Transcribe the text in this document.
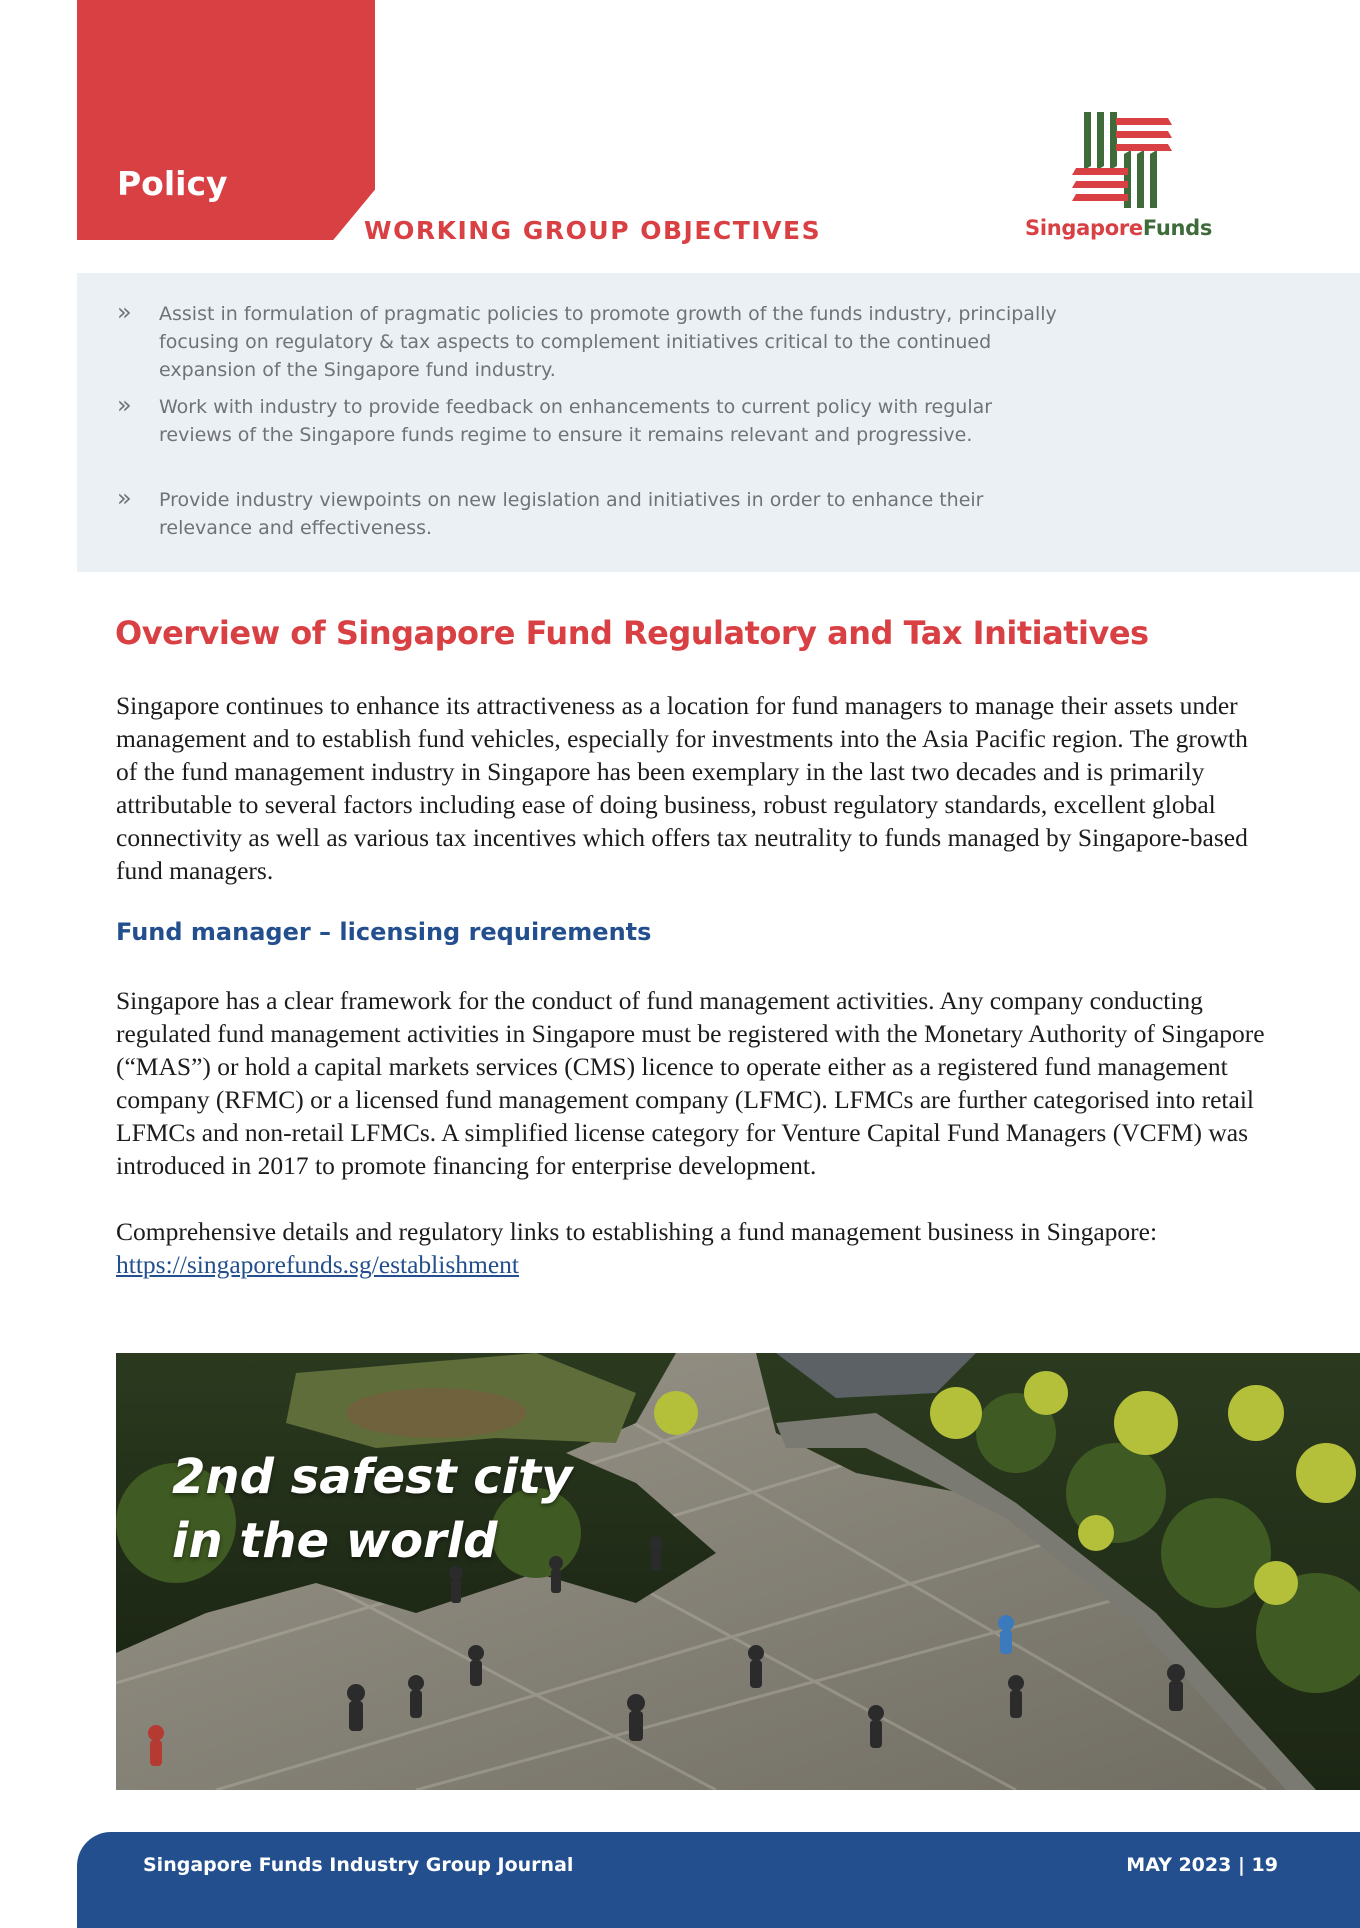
Policy
WORKING GROUP OBJECTIVES	SingaporeFunds
» Assist in formulation of pragmatic policies to promote growth of the funds industry, principally focusing on regulatory & tax aspects to complement initiatives critical to the continued expansion of the Singapore fund industry.
» Work with industry to provide feedback on enhancements to current policy with regular reviews of the Singapore funds regime to ensure it remains relevant and progressive.
» Provide industry viewpoints on new legislation and initiatives in order to enhance their relevance and effectiveness.
Overview of Singapore Fund Regulatory and Tax Initiatives
Singapore continues to enhance its attractiveness as a location for fund managers to manage their assets under management and to establish fund vehicles, especially for investments into the Asia Pacific region. The growth of the fund management industry in Singapore has been exemplary in the last two decades and is primarily attributable to several factors including ease of doing business, robust regulatory standards, excellent global connectivity as well as various tax incentives which offers tax neutrality to funds managed by Singapore-based fund managers.
Fund manager – licensing requirements
Singapore has a clear framework for the conduct of fund management activities. Any company conducting regulated fund management activities in Singapore must be registered with the Monetary Authority of Singapore (“MAS”) or hold a capital markets services (CMS) licence to operate either as a registered fund management company (RFMC) or a licensed fund management company (LFMC). LFMCs are further categorised into retail LFMCs and non-retail LFMCs. A simplified license category for Venture Capital Fund Managers (VCFM) was introduced in 2017 to promote financing for enterprise development.
Comprehensive details and regulatory links to establishing a fund management business in Singapore:
https://singaporefunds.sg/establishment
2nd safest city
in the world
Singapore Funds Industry Group Journal	MAY 2023 | 19
